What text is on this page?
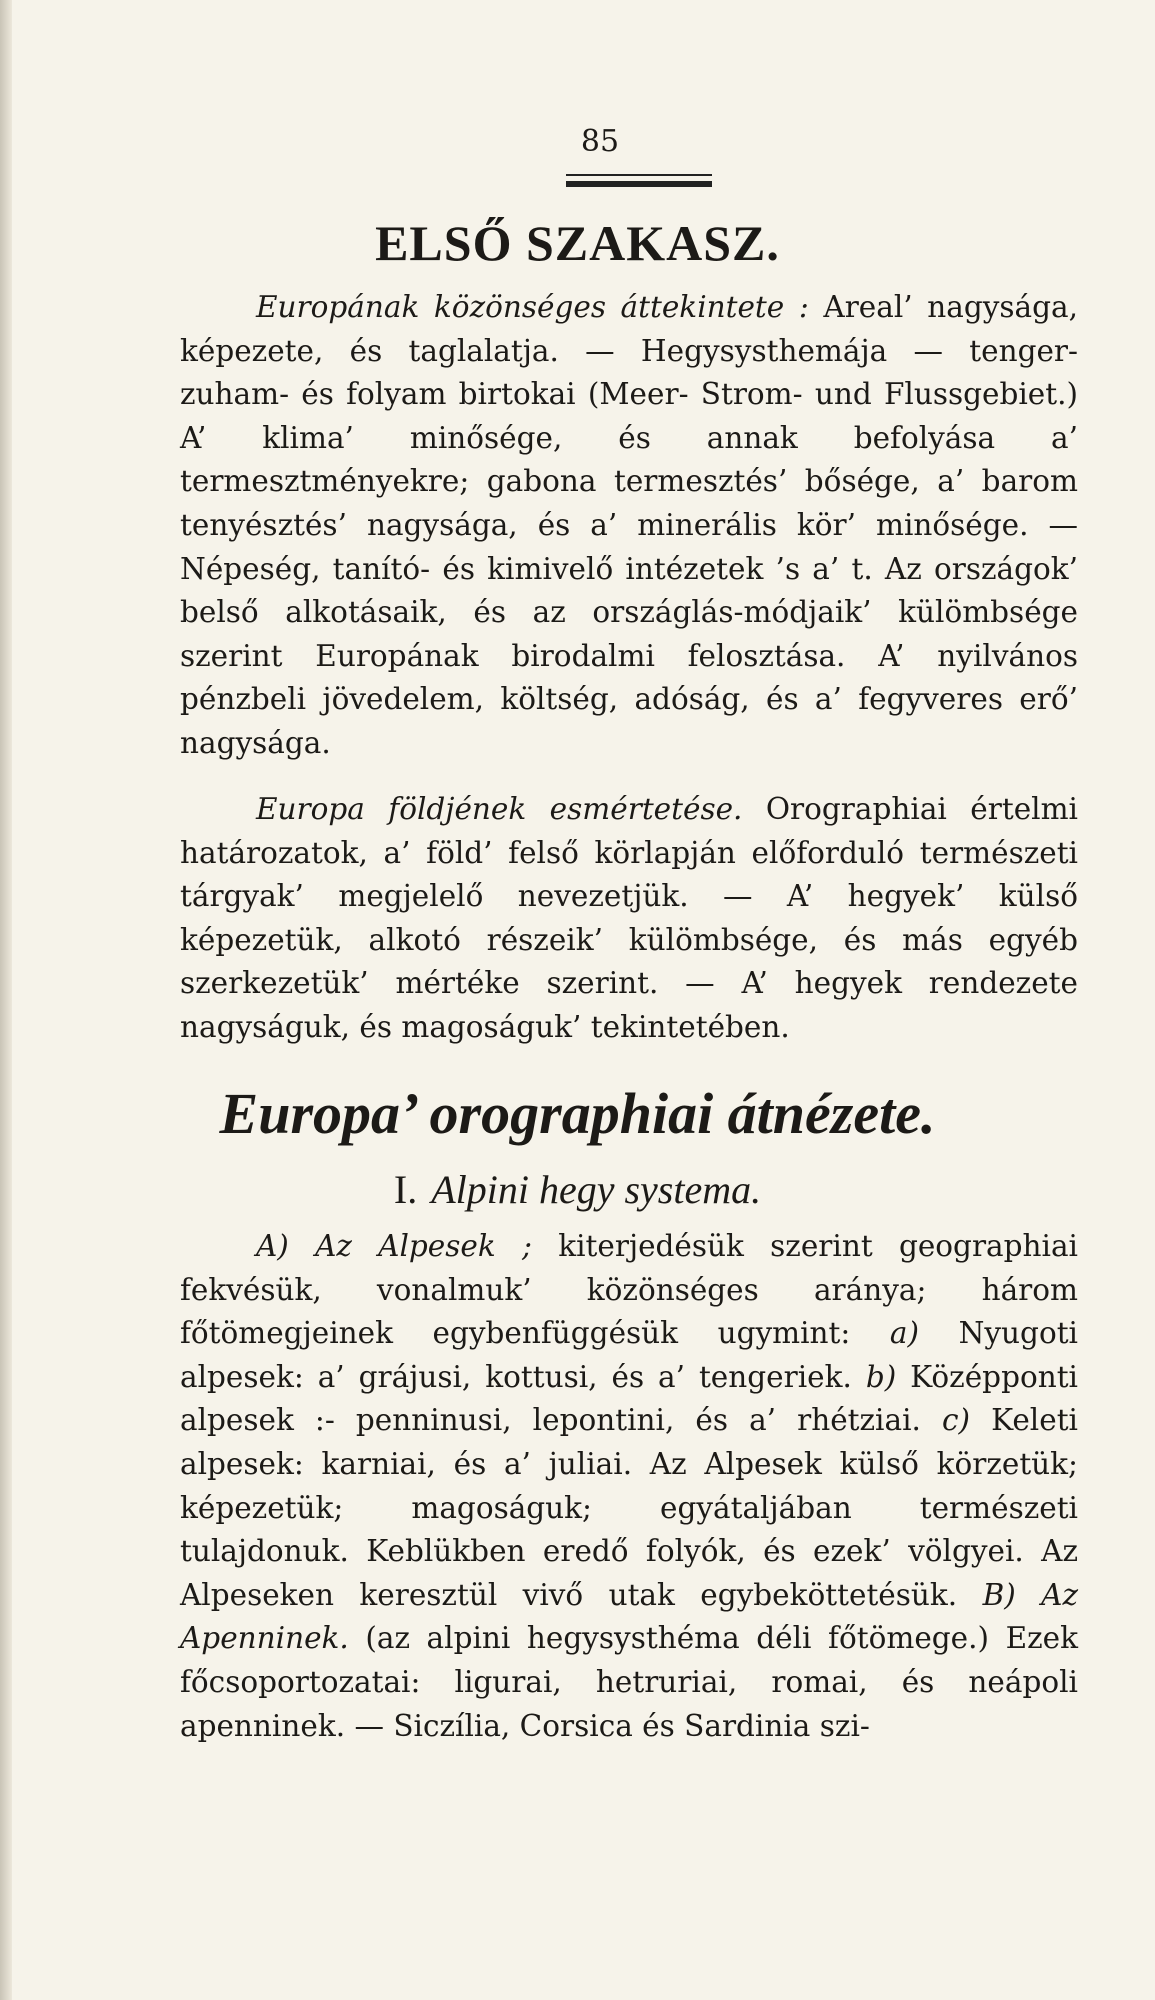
85
ELSŐ SZAKASZ.

Europának közönséges áttekintete : Areal’ nagysága, képezete, és taglalatja. — Hegysysthemája — tenger-zuham- és folyam birtokai (Meer- Strom- und Flussgebiet.) A’ klima’ minősége, és annak befolyása a’ termesztményekre; gabona termesztés’ bősége, a’ barom tenyésztés’ nagysága, és a’ minerális kör’ minősége. — Népeség, tanító- és kimivelő intézetek ’s a’ t. Az országok’ belső alkotásaik, és az országlás-módjaik’ külömbsége szerint Europának birodalmi felosztása. A’ nyilvános pénzbeli jövedelem, költség, adóság, és a’ fegyveres erő’ nagysága.

Europa földjének esmértetése. Orographiai értelmi határozatok, a’ föld’ felső körlapján előforduló természeti tárgyak’ megjelelő nevezetjük. — A’ hegyek’ külső képezetük, alkotó részeik’ külömbsége, és más egyéb szerkezetük’ mértéke szerint. — A’ hegyek rendezete nagyságuk, és magoságuk’ tekintetében.

Europa’ orographiai átnézete.
I. Alpini hegy systema.

A) Az Alpesek ; kiterjedésük szerint geographiai fekvésük, vonalmuk’ közönséges aránya; három főtömegjeinek egybenfüggésük ugymint: a) Nyugoti alpesek: a’ grájusi, kottusi, és a’ tengeriek. b) Középponti alpesek :- penninusi, lepontini, és a’ rhétziai. c) Keleti alpesek: karniai, és a’ juliai. Az Alpesek külső körzetük; képezetük; magoságuk; egyátaljában természeti tulajdonuk. Keblükben eredő folyók, és ezek’ völgyei. Az Alpeseken keresztül vivő utak egybeköttetésük. B) Az Apenninek. (az alpini hegysysthéma déli főtömege.) Ezek főcsoportozatai: ligurai, hetruriai, romai, és neápoli apenninek. — Siczília, Corsica és Sardinia szi-
